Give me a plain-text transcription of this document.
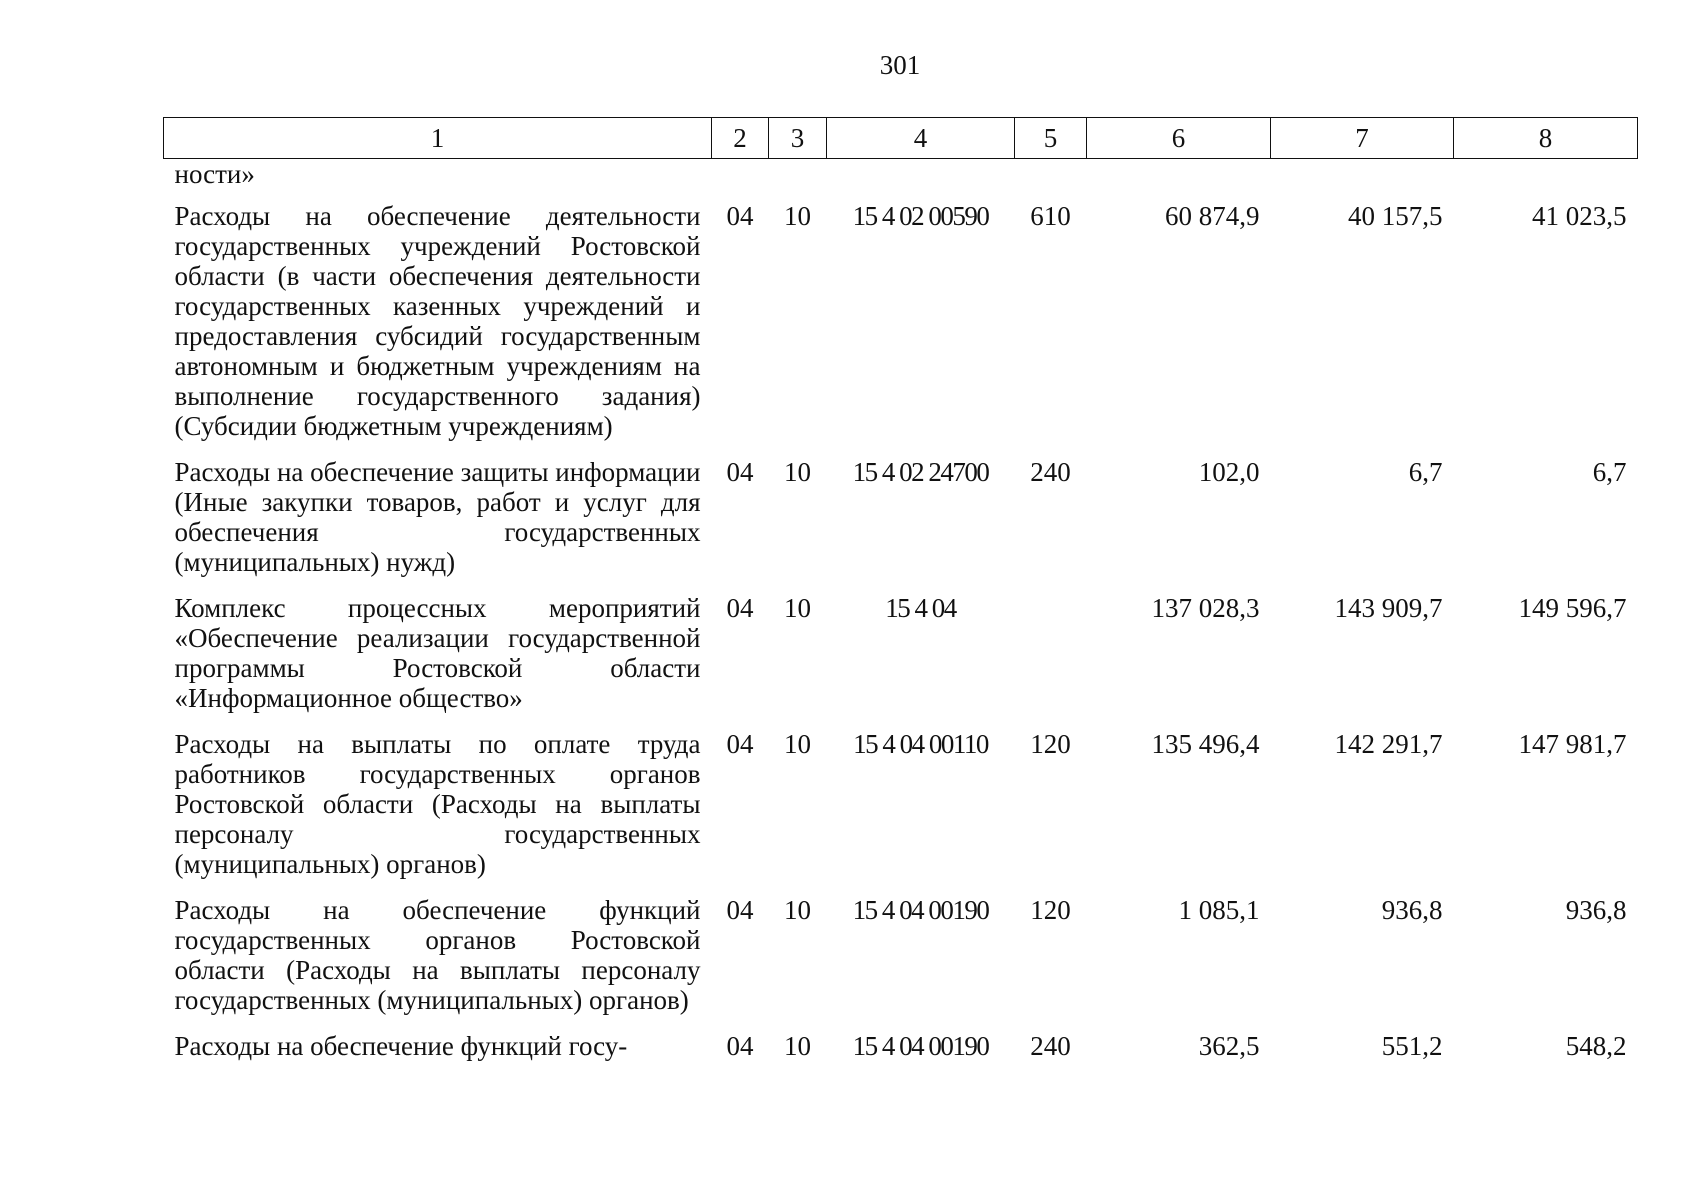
301
1	2	3	4	5	6	7	8
ности»							

Расходы на обеспечение деятельности государственных учреждений Ростовской области (в части обеспечения деятельности государственных казенных учреждений и предоставления субсидий государственным автономным и бюджетным учреждениям на выполнение государственного задания) (Субсидии бюджетным учреждениям)	04	10	15 4 02 00590	610	60 874,9	40 157,5	41 023,5

Расходы на обеспечение защиты информации (Иные закупки товаров, работ и услуг для обеспечения государственных (муниципальных) нужд)	04	10	15 4 02 24700	240	102,0	6,7	6,7

Комплекс процессных мероприятий «Обеспечение реализации государственной программы Ростовской области «Информационное общество»	04	10	15 4 04		137 028,3	143 909,7	149 596,7

Расходы на выплаты по оплате труда работников государственных органов Ростовской области (Расходы на выплаты персоналу государственных (муниципальных) органов)	04	10	15 4 04 00110	120	135 496,4	142 291,7	147 981,7

Расходы на обеспечение функций государственных органов Ростовской области (Расходы на выплаты персоналу государственных (муниципальных) органов)	04	10	15 4 04 00190	120	1 085,1	936,8	936,8

Расходы на обеспечение функций госу-	04	10	15 4 04 00190	240	362,5	551,2	548,2
